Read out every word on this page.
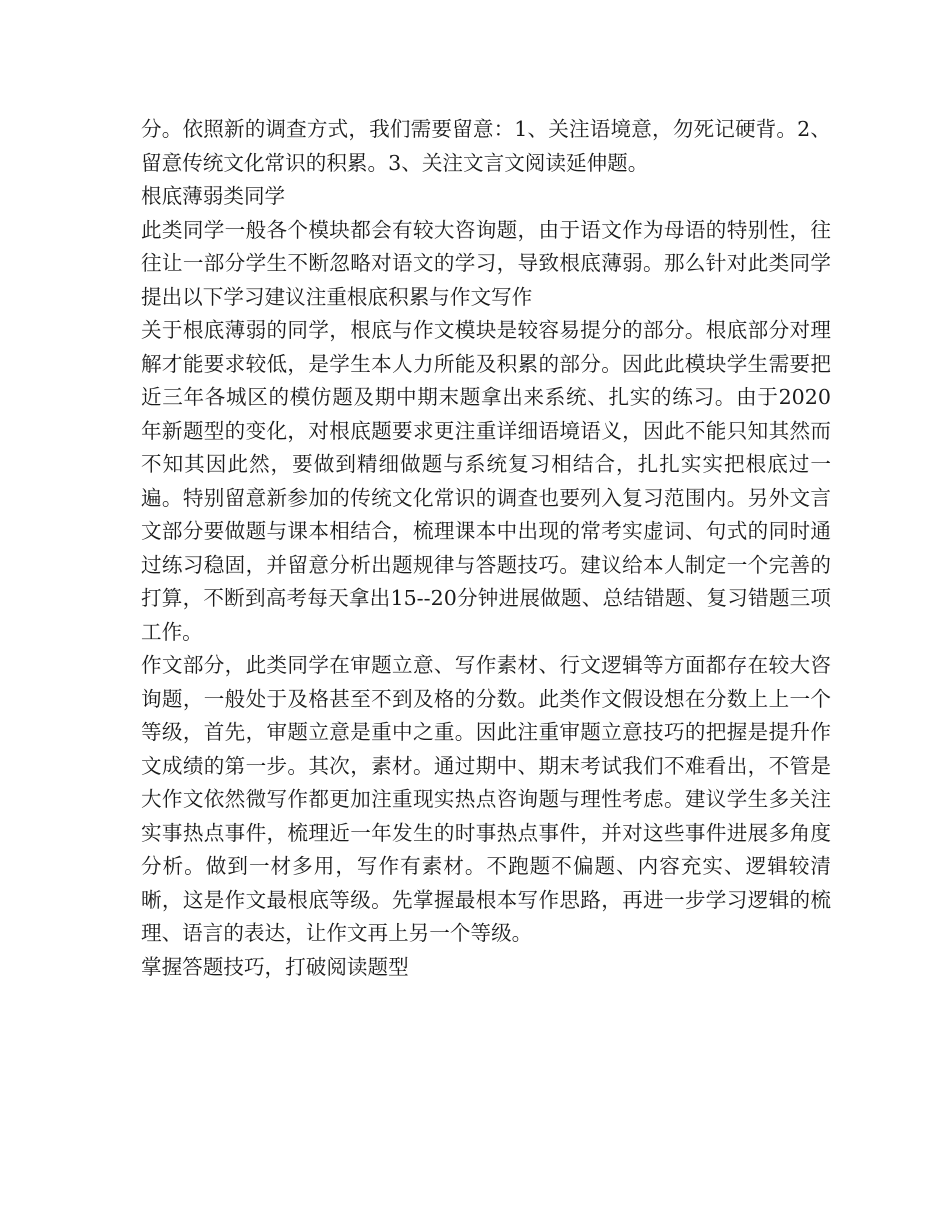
分。依照新的调查方式，我们需要留意：1、关注语境意，勿死记硬背。2、留意传统文化常识的积累。3、关注文言文阅读延伸题。

根底薄弱类同学

此类同学一般各个模块都会有较大咨询题，由于语文作为母语的特别性，往往让一部分学生不断忽略对语文的学习，导致根底薄弱。那么针对此类同学提出以下学习建议注重根底积累与作文写作

关于根底薄弱的同学，根底与作文模块是较容易提分的部分。根底部分对理解才能要求较低，是学生本人力所能及积累的部分。因此此模块学生需要把近三年各城区的模仿题及期中期末题拿出来系统、扎实的练习。由于2020年新题型的变化，对根底题要求更注重详细语境语义，因此不能只知其然而不知其因此然，要做到精细做题与系统复习相结合，扎扎实实把根底过一遍。特别留意新参加的传统文化常识的调查也要列入复习范围内。另外文言文部分要做题与课本相结合，梳理课本中出现的常考实虚词、句式的同时通过练习稳固，并留意分析出题规律与答题技巧。建议给本人制定一个完善的打算，不断到高考每天拿出15--20分钟进展做题、总结错题、复习错题三项工作。

作文部分，此类同学在审题立意、写作素材、行文逻辑等方面都存在较大咨询题，一般处于及格甚至不到及格的分数。此类作文假设想在分数上上一个等级，首先，审题立意是重中之重。因此注重审题立意技巧的把握是提升作文成绩的第一步。其次，素材。通过期中、期末考试我们不难看出，不管是大作文依然微写作都更加注重现实热点咨询题与理性考虑。建议学生多关注实事热点事件，梳理近一年发生的时事热点事件，并对这些事件进展多角度分析。做到一材多用，写作有素材。不跑题不偏题、内容充实、逻辑较清晰，这是作文最根底等级。先掌握最根本写作思路，再进一步学习逻辑的梳理、语言的表达，让作文再上另一个等级。

掌握答题技巧，打破阅读题型
